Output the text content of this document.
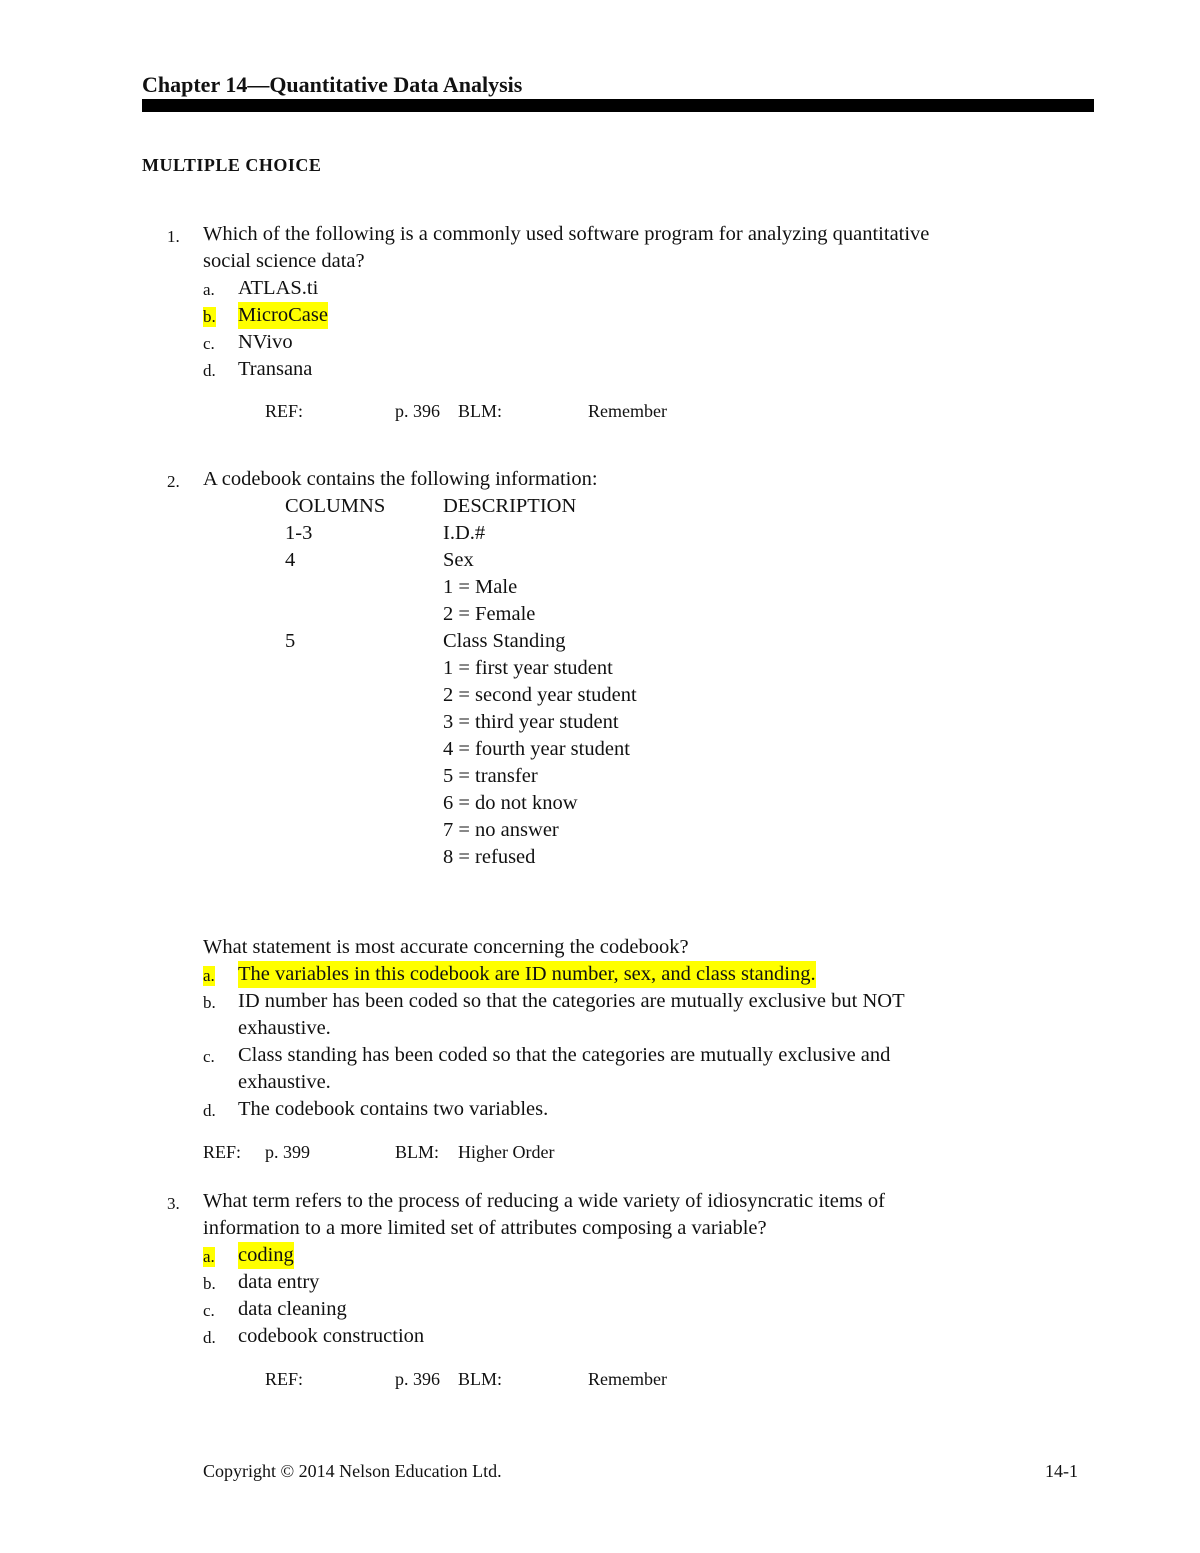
Chapter 14—Quantitative Data Analysis
MULTIPLE CHOICE
1. Which of the following is a commonly used software program for analyzing quantitative
social science data?
a. ATLAS.ti
b. MicroCase
c. NVivo
d. Transana
REF:	p. 396 BLM:	Remember
2. A codebook contains the following information:
COLUMNS	DESCRIPTION
1-3	I.D.#
4	Sex
1 = Male
2 = Female
5	Class Standing
1 = first year student
2 = second year student
3 = third year student
4 = fourth year student
5 = transfer
6 = do not know
7 = no answer
8 = refused
What statement is most accurate concerning the codebook?
a. The variables in this codebook are ID number, sex, and class standing.
b. ID number has been coded so that the categories are mutually exclusive but NOT
exhaustive.
c. Class standing has been coded so that the categories are mutually exclusive and
exhaustive.
d. The codebook contains two variables.
REF: p. 399	BLM: Higher Order
3. What term refers to the process of reducing a wide variety of idiosyncratic items of
information to a more limited set of attributes composing a variable?
a. coding
b. data entry
c. data cleaning
d. codebook construction
REF:	p. 396 BLM:	Remember
Copyright © 2014 Nelson Education Ltd.	14-1
